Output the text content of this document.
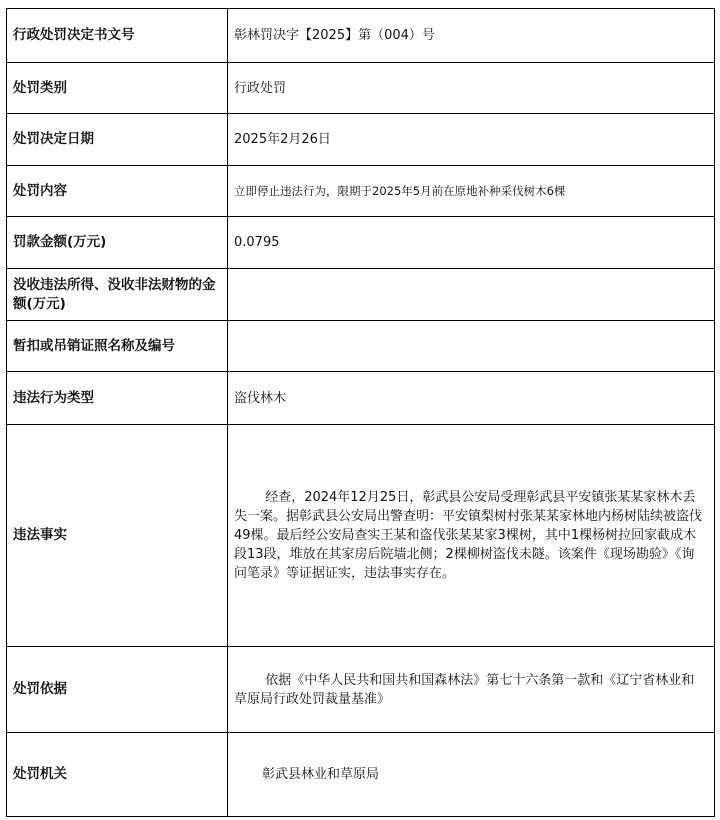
行政处罚决定书文号	彰林罚决字【2025】第（004）号
处罚类别	行政处罚
处罚决定日期	2025年2月26日
处罚内容	立即停止违法行为，限期于2025年5月前在原地补种采伐树木6棵
罚款金额(万元)	0.0795
没收违法所得、没收非法财物的金额(万元)	
暂扣或吊销证照名称及编号	
违法行为类型	盗伐林木
违法事实	经查，2024年12月25日，彰武县公安局受理彰武县平安镇张某某家林木丢失一案。据彰武县公安局出警查明：平安镇梨树村张某某家林地内杨树陆续被盗伐49棵。最后经公安局查实王某和盗伐张某某家3棵树，其中1棵杨树拉回家截成木段13段，堆放在其家房后院墙北侧；2棵柳树盗伐未隧。该案件《现场勘验》《询问笔录》等证据证实，违法事实存在。

处罚依据	依据《中华人民共和国共和国森林法》第七十六条第一款和《辽宁省林业和草原局行政处罚裁量基准》

处罚机关	彰武县林业和草原局
